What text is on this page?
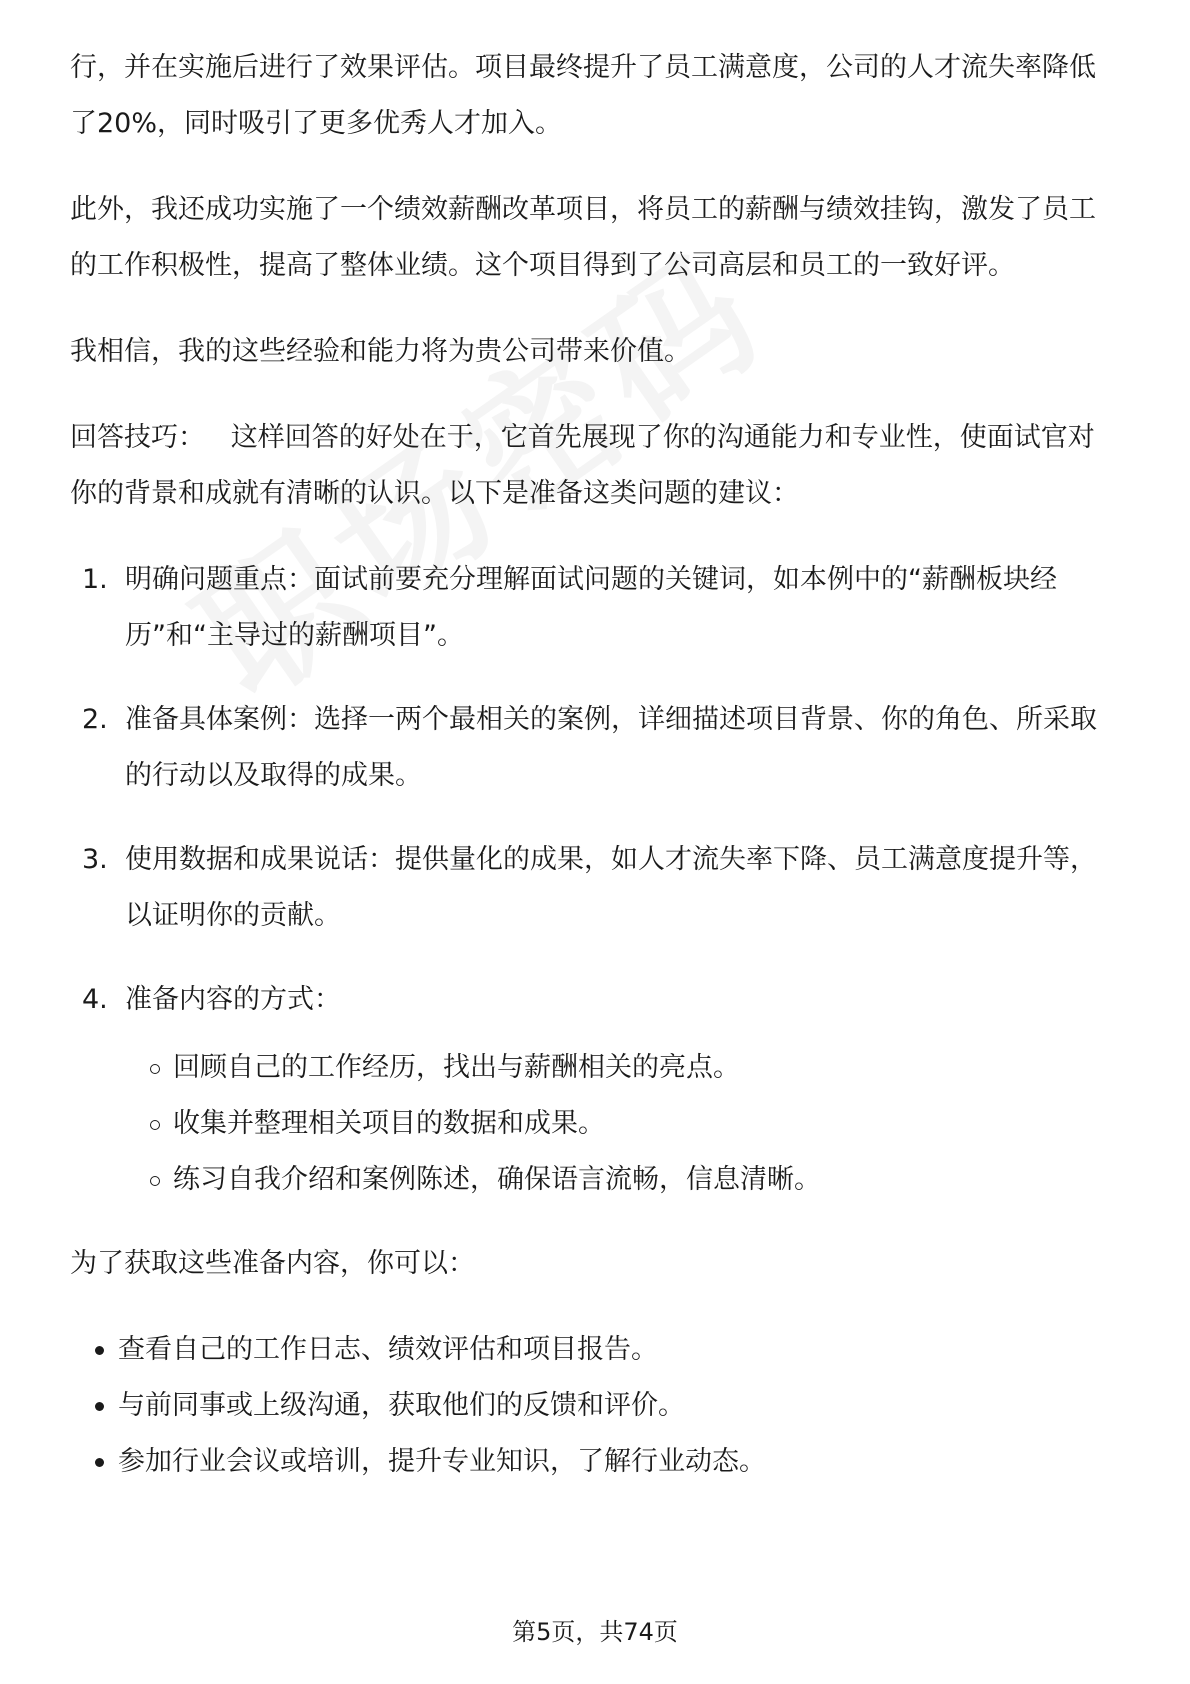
行，并在实施后进行了效果评估。项目最终提升了员工满意度，公司的人才流失率降低了20%，同时吸引了更多优秀人才加入。

此外，我还成功实施了一个绩效薪酬改革项目，将员工的薪酬与绩效挂钩，激发了员工的工作积极性，提高了整体业绩。这个项目得到了公司高层和员工的一致好评。

我相信，我的这些经验和能力将为贵公司带来价值。

回答技巧：   这样回答的好处在于，它首先展现了你的沟通能力和专业性，使面试官对你的背景和成就有清晰的认识。以下是准备这类问题的建议：

1. 明确问题重点：面试前要充分理解面试问题的关键词，如本例中的“薪酬板块经历”和“主导过的薪酬项目”。

2. 准备具体案例：选择一两个最相关的案例，详细描述项目背景、你的角色、所采取的行动以及取得的成果。

3. 使用数据和成果说话：提供量化的成果，如人才流失率下降、员工满意度提升等，以证明你的贡献。

4. 准备内容的方式：

回顾自己的工作经历，找出与薪酬相关的亮点。
收集并整理相关项目的数据和成果。
练习自我介绍和案例陈述，确保语言流畅，信息清晰。

为了获取这些准备内容，你可以：

查看自己的工作日志、绩效评估和项目报告。
与前同事或上级沟通，获取他们的反馈和评价。
参加行业会议或培训，提升专业知识，了解行业动态。
第5页，共74页
